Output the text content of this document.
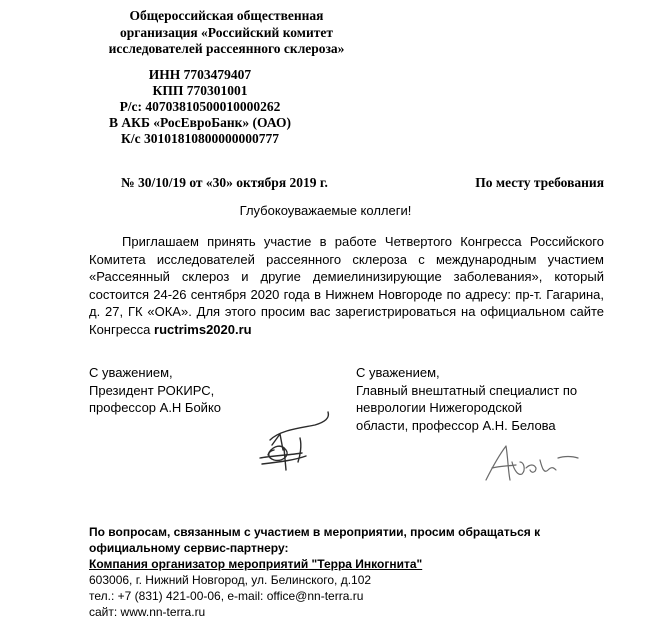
Общероссийская общественная
организация «Российский комитет
исследователей рассеянного склероза»
ИНН 7703479407
КПП 770301001
Р/с: 40703810500010000262
В АКБ «РосЕвроБанк» (ОАО)
К/с 30101810800000000777
№ 30/10/19 от «30» октября 2019 г.	По месту требования
Глубокоуважаемые коллеги!
Приглашаем принять участие в работе Четвертого Конгресса Российского Комитета исследователей рассеянного склероза с международным участием «Рассеянный склероз и другие демиелинизирующие заболевания», который состоится 24-26 сентября 2020 года в Нижнем Новгороде по адресу: пр-т. Гагарина, д. 27, ГК «ОКА». Для этого просим вас зарегистрироваться на официальном сайте Конгресса ructrims2020.ru
С уважением,
Президент РОКИРС,
профессор А.Н Бойко
С уважением,
Главный внештатный специалист по
неврологии Нижегородской
области, профессор А.Н. Белова
По вопросам, связанным с участием в мероприятии, просим обращаться к
официальному сервис-партнеру:
Компания организатор мероприятий "Терра Инкогнита"
603006, г. Нижний Новгород, ул. Белинского, д.102
тел.: +7 (831) 421-00-06, e-mail: office@nn-terra.ru
сайт: www.nn-terra.ru
